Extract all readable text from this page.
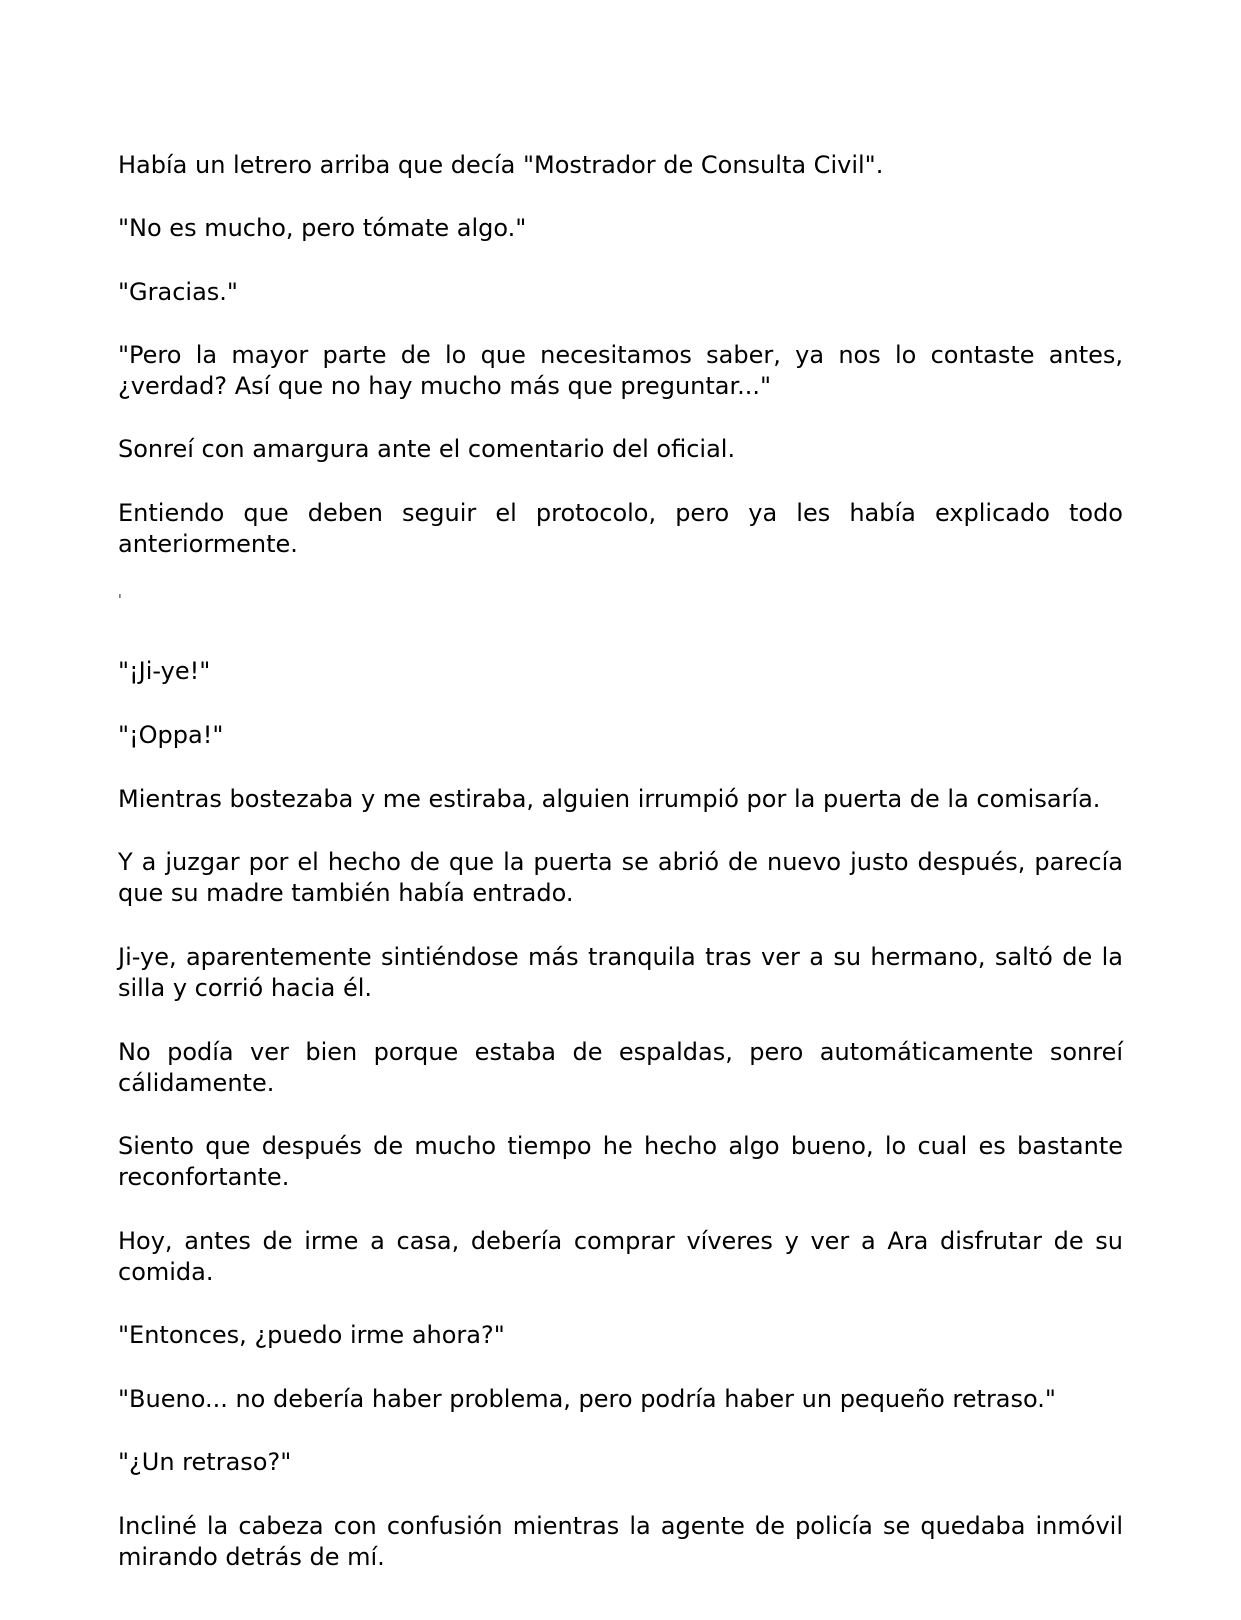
Había un letrero arriba que decía "Mostrador de Consulta Civil".

"No es mucho, pero tómate algo."

"Gracias."

"Pero la mayor parte de lo que necesitamos saber, ya nos lo contaste antes, ¿verdad? Así que no hay mucho más que preguntar..."

Sonreí con amargura ante el comentario del oficial.

Entiendo que deben seguir el protocolo, pero ya les había explicado todo anteriormente.

ˈ

"¡Ji-ye!"

"¡Oppa!"

Mientras bostezaba y me estiraba, alguien irrumpió por la puerta de la comisaría.

Y a juzgar por el hecho de que la puerta se abrió de nuevo justo después, parecía que su madre también había entrado.

Ji-ye, aparentemente sintiéndose más tranquila tras ver a su hermano, saltó de la silla y corrió hacia él.

No podía ver bien porque estaba de espaldas, pero automáticamente sonreí cálidamente.

Siento que después de mucho tiempo he hecho algo bueno, lo cual es bastante reconfortante.

Hoy, antes de irme a casa, debería comprar víveres y ver a Ara disfrutar de su comida.

"Entonces, ¿puedo irme ahora?"

"Bueno... no debería haber problema, pero podría haber un pequeño retraso."

"¿Un retraso?"

Incliné la cabeza con confusión mientras la agente de policía se quedaba inmóvil mirando detrás de mí.
